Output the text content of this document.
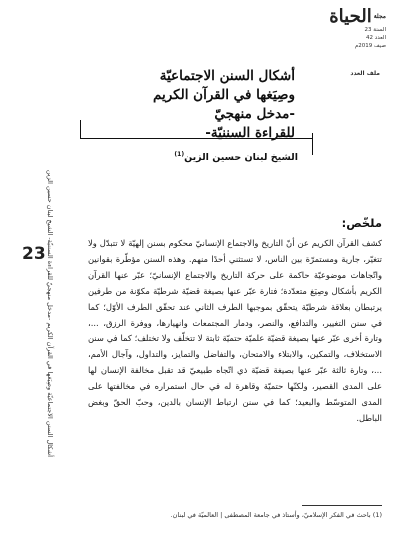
$^{مجلة}$الحياة
السنة 23
العدد 42
صيف 2019م
ملف العدد
أشكال السنن الاجتماعيّة
وصِيَغها في القرآن الكريم
-مدخل منهجيّ
للقراءة السننيّة-
الشيخ لبنان حسين الزين$^{(1)}$
23 أشكال السنن الاجتماعيّة وصِيَغها في القرآن الكريم -مدخل منهجيّ للقراءة السننيّة- الشيخ لبنان حسين الزين	ملخّص:

كشف القرآن الكريم عن أنّ التاريخ والاجتماع الإنسانيّ محكوم بسنن إلهيّة لا تتبدّل ولا تتغيّر، جارية ومستمرّة بين الناس، لا تستثني أحدًا منهم. وهذه السنن مؤطّرة بقوانين واتّجاهات موضوعيّة حاكمة على حركة التاريخ والاجتماع الإنسانيّ؛ عبّر عنها القرآن الكريم بأشكال وصِيَغ متعدّدة؛ فتارة عبّر عنها بصيغة قضيّة شرطيّة مكوّنة من طرفين يرتبطان بعلاقة شرطيّة يتحقّق بموجبها الطرف الثاني عند تحقّق الطرف الأوّل؛ كما في سنن التغيير، والتدافع، والنصر، ودمار المجتمعات وانهيارها، ووفرة الرزق، ...، وتارة أخرى عبّر عنها بصيغة قضيّة علميّة حتميّة ثابتة لا تتخلّف ولا تختلف؛ كما في سنن الاستخلاف، والتمكين، والابتلاء والامتحان، والتفاضل والتمايز، والتداول، وآجال الأمم، ...، وتارة ثالثة عبّر عنها بصيغة قضيّة ذي اتّجاه طبيعيّ قد تقبل مخالفة الإنسان لها على المدى القصير، ولكنّها حتميّة وقاهرة له في حال استمراره في مخالفتها على المدى المتوسّط والبعيد؛ كما في سنن ارتباط الإنسان بالدين، وحبّ الحقّ وبغض الباطل.

(1) باحث في الفكر الإسلاميّ، وأستاذ في جامعة المصطفى | العالميّة في لبنان.
